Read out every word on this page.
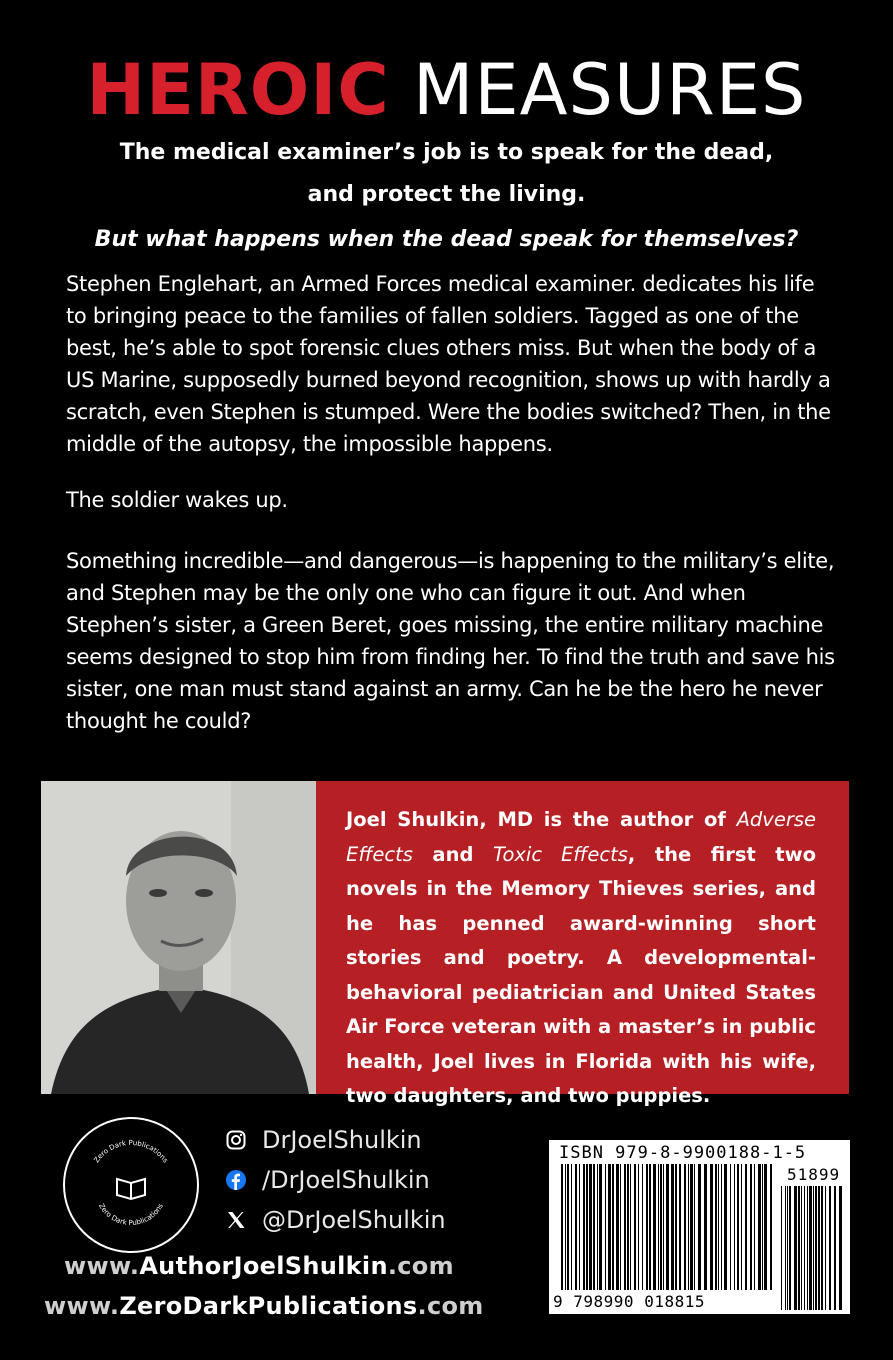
HEROIC MEASURES
The medical examiner’s job is to speak for the dead,
and protect the living.
But what happens when the dead speak for themselves?

Stephen Englehart, an Armed Forces medical examiner. dedicates his life to bringing peace to the families of fallen soldiers. Tagged as one of the best, he’s able to spot forensic clues others miss. But when the body of a US Marine, supposedly burned beyond recognition, shows up with hardly a scratch, even Stephen is stumped. Were the bodies switched? Then, in the middle of the autopsy, the impossible happens.

The soldier wakes up.

Something incredible—and dangerous—is happening to the military’s elite, and Stephen may be the only one who can figure it out. And when Stephen’s sister, a Green Beret, goes missing, the entire military machine seems designed to stop him from finding her. To find the truth and save his sister, one man must stand against an army. Can he be the hero he never thought he could?

Joel Shulkin, MD is the author of Adverse Effects and Toxic Effects, the first two novels in the Memory Thieves series, and he has penned award-winning short stories and poetry. A developmental-behavioral pediatrician and United States Air Force veteran with a master’s in public health, Joel lives in Florida with his wife, two daughters, and two puppies.
Zero Dark Publications
Zero Dark Publications
DrJoelShulkin
/DrJoelShulkin
@DrJoelShulkin
www.AuthorJoelShulkin.com
www.ZeroDarkPublications.com
ISBN 979-8-9900188-1-5
51899
9 798990 018815
